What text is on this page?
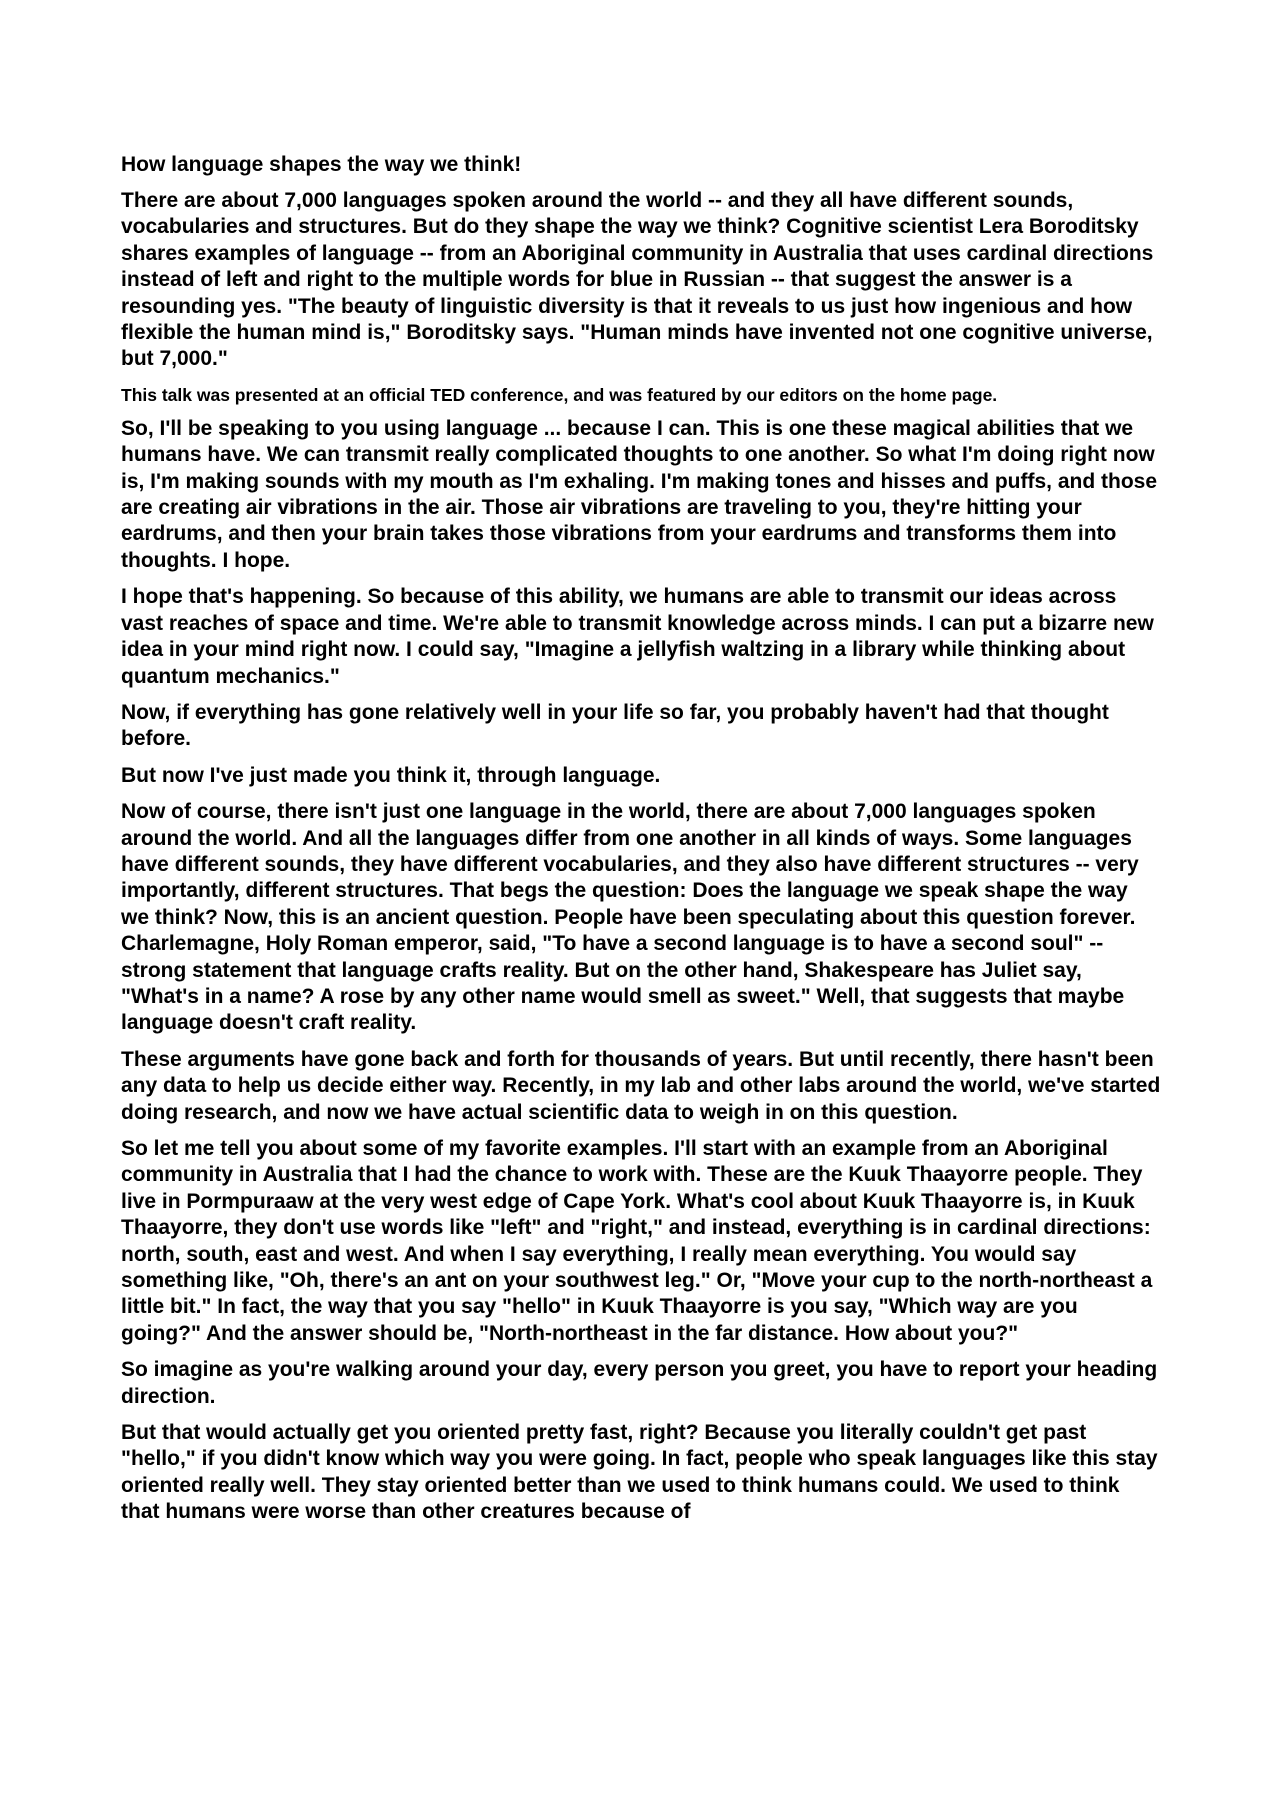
How language shapes the way we think!

There are about 7,000 languages spoken around the world -- and they all have different sounds, vocabularies and structures. But do they shape the way we think? Cognitive scientist Lera Boroditsky shares examples of language -- from an Aboriginal community in Australia that uses cardinal directions instead of left and right to the multiple words for blue in Russian -- that suggest the answer is a resounding yes. "The beauty of linguistic diversity is that it reveals to us just how ingenious and how flexible the human mind is," Boroditsky says. "Human minds have invented not one cognitive universe, but 7,000."

This talk was presented at an official TED conference, and was featured by our editors on the home page.

So, I'll be speaking to you using language ... because I can. This is one these magical abilities that we humans have. We can transmit really complicated thoughts to one another. So what I'm doing right now is, I'm making sounds with my mouth as I'm exhaling. I'm making tones and hisses and puffs, and those are creating air vibrations in the air. Those air vibrations are traveling to you, they're hitting your eardrums, and then your brain takes those vibrations from your eardrums and transforms them into thoughts. I hope.

I hope that's happening. So because of this ability, we humans are able to transmit our ideas across vast reaches of space and time. We're able to transmit knowledge across minds. I can put a bizarre new idea in your mind right now. I could say, "Imagine a jellyfish waltzing in a library while thinking about quantum mechanics."

Now, if everything has gone relatively well in your life so far, you probably haven't had that thought before.

But now I've just made you think it, through language.

Now of course, there isn't just one language in the world, there are about 7,000 languages spoken around the world. And all the languages differ from one another in all kinds of ways. Some languages have different sounds, they have different vocabularies, and they also have different structures -- very importantly, different structures. That begs the question: Does the language we speak shape the way we think? Now, this is an ancient question. People have been speculating about this question forever. Charlemagne, Holy Roman emperor, said, "To have a second language is to have a second soul" -- strong statement that language crafts reality. But on the other hand, Shakespeare has Juliet say, "What's in a name? A rose by any other name would smell as sweet." Well, that suggests that maybe language doesn't craft reality.

These arguments have gone back and forth for thousands of years. But until recently, there hasn't been any data to help us decide either way. Recently, in my lab and other labs around the world, we've started doing research, and now we have actual scientific data to weigh in on this question.

So let me tell you about some of my favorite examples. I'll start with an example from an Aboriginal community in Australia that I had the chance to work with. These are the Kuuk Thaayorre people. They live in Pormpuraaw at the very west edge of Cape York. What's cool about Kuuk Thaayorre is, in Kuuk Thaayorre, they don't use words like "left" and "right," and instead, everything is in cardinal directions: north, south, east and west. And when I say everything, I really mean everything. You would say something like, "Oh, there's an ant on your southwest leg." Or, "Move your cup to the north-northeast a little bit." In fact, the way that you say "hello" in Kuuk Thaayorre is you say, "Which way are you going?" And the answer should be, "North-northeast in the far distance. How about you?"

So imagine as you're walking around your day, every person you greet, you have to report your heading direction.

But that would actually get you oriented pretty fast, right? Because you literally couldn't get past "hello," if you didn't know which way you were going. In fact, people who speak languages like this stay oriented really well. They stay oriented better than we used to think humans could. We used to think that humans were worse than other creatures because of
